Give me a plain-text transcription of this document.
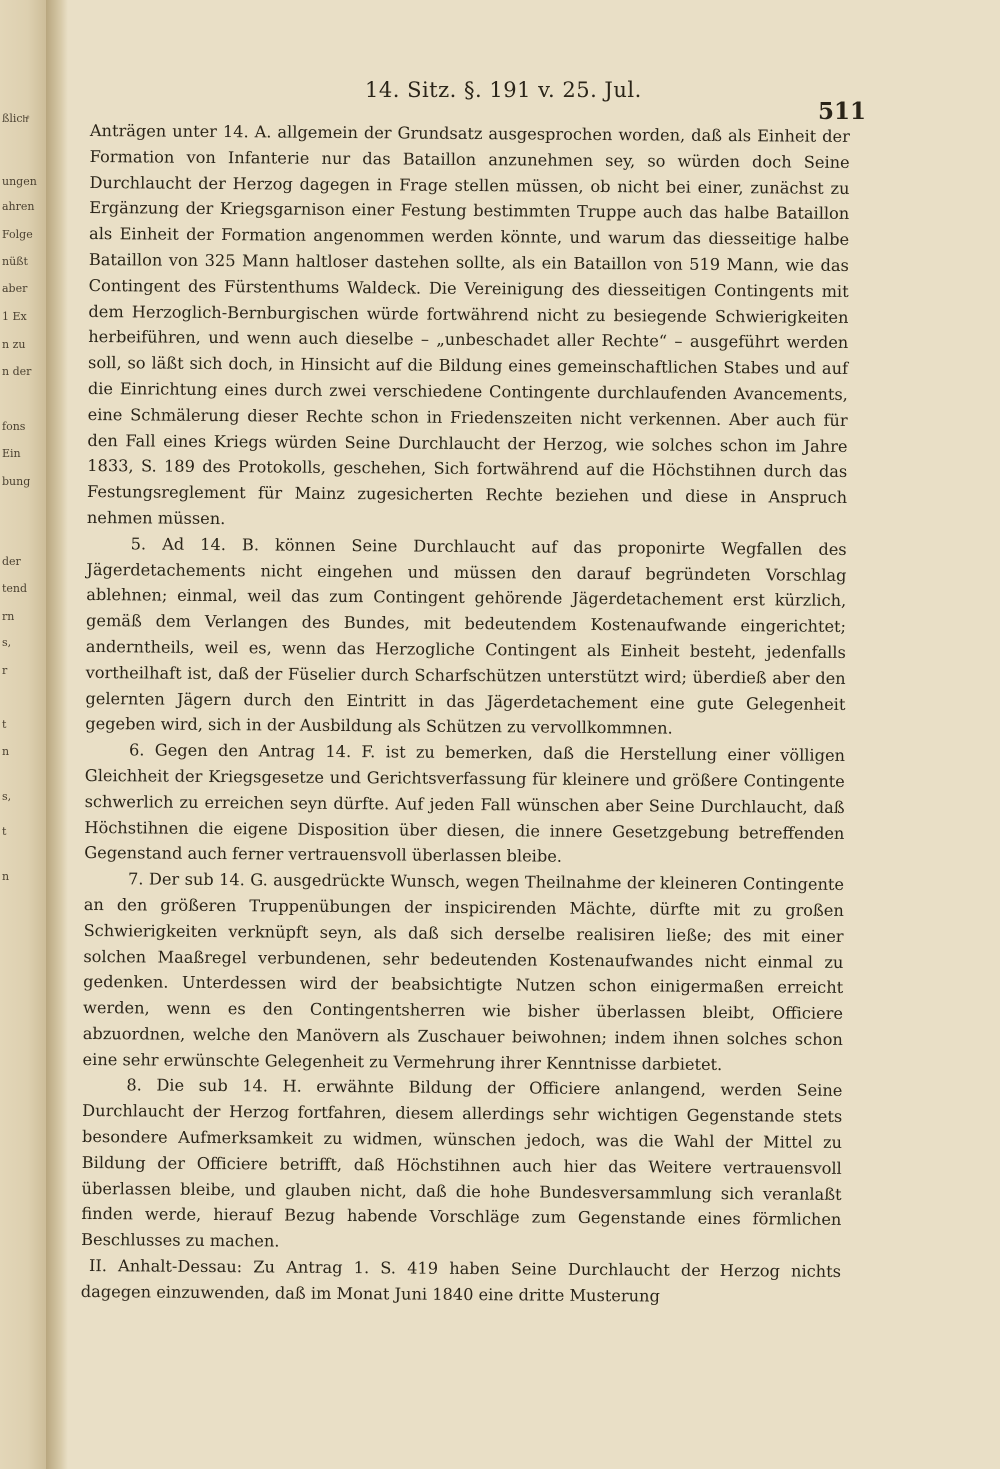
ßlichͤ
ungen
ahren
Folge
nüßt
aber
1 Ex
n zu
n der
fons
Ein
bung
der
tend
rn
s,
r
t
n
s,
t
n
14. Sitz. §. 191 v. 25. Jul.
511

Anträgen unter 14. A. allgemein der Grundsatz ausgesprochen worden, daß als Einheit der Formation von Infanterie nur das Bataillon anzunehmen sey, so würden doch Seine Durchlaucht der Herzog dagegen in Frage stellen müssen, ob nicht bei einer, zunächst zu Ergänzung der Kriegsgarnison einer Festung bestimmten Truppe auch das halbe Bataillon als Einheit der Formation angenommen werden könnte, und warum das diesseitige halbe Bataillon von 325 Mann haltloser dastehen sollte, als ein Bataillon von 519 Mann, wie das Contingent des Fürstenthums Waldeck. Die Vereinigung des diesseitigen Contingents mit dem Herzoglich-Bernburgischen würde fortwährend nicht zu besiegende Schwierigkeiten herbeiführen, und wenn auch dieselbe – „unbeschadet aller Rechte“ – ausgeführt werden soll, so läßt sich doch, in Hinsicht auf die Bildung eines gemeinschaftlichen Stabes und auf die Einrichtung eines durch zwei verschiedene Contingente durchlaufenden Avancements, eine Schmälerung dieser Rechte schon in Friedenszeiten nicht verkennen. Aber auch für den Fall eines Kriegs würden Seine Durchlaucht der Herzog, wie solches schon im Jahre 1833, S. 189 des Protokolls, geschehen, Sich fortwährend auf die Höchstihnen durch das Festungsreglement für Mainz zugesicherten Rechte beziehen und diese in Anspruch nehmen müssen.

5. Ad 14. B. können Seine Durchlaucht auf das proponirte Wegfallen des Jägerdetachements nicht eingehen und müssen den darauf begründeten Vorschlag ablehnen; einmal, weil das zum Contingent gehörende Jägerdetachement erst kürzlich, gemäß dem Verlangen des Bundes, mit bedeutendem Kostenaufwande eingerichtet; anderntheils, weil es, wenn das Herzogliche Contingent als Einheit besteht, jedenfalls vortheilhaft ist, daß der Füselier durch Scharfschützen unterstützt wird; überdieß aber den gelernten Jägern durch den Eintritt in das Jägerdetachement eine gute Gelegenheit gegeben wird, sich in der Ausbildung als Schützen zu vervollkommnen.

6. Gegen den Antrag 14. F. ist zu bemerken, daß die Herstellung einer völligen Gleichheit der Kriegsgesetze und Gerichtsverfassung für kleinere und größere Contingente schwerlich zu erreichen seyn dürfte. Auf jeden Fall wünschen aber Seine Durchlaucht, daß Höchstihnen die eigene Disposition über diesen, die innere Gesetzgebung betreffenden Gegenstand auch ferner vertrauensvoll überlassen bleibe.

7. Der sub 14. G. ausgedrückte Wunsch, wegen Theilnahme der kleineren Contingente an den größeren Truppenübungen der inspicirenden Mächte, dürfte mit zu großen Schwierigkeiten verknüpft seyn, als daß sich derselbe realisiren ließe; des mit einer solchen Maaßregel verbundenen, sehr bedeutenden Kostenaufwandes nicht einmal zu gedenken. Unterdessen wird der beabsichtigte Nutzen schon einigermaßen erreicht werden, wenn es den Contingentsherren wie bisher überlassen bleibt, Officiere abzuordnen, welche den Manövern als Zuschauer beiwohnen; indem ihnen solches schon eine sehr erwünschte Gelegenheit zu Vermehrung ihrer Kenntnisse darbietet.

8. Die sub 14. H. erwähnte Bildung der Officiere anlangend, werden Seine Durchlaucht der Herzog fortfahren, diesem allerdings sehr wichtigen Gegenstande stets besondere Aufmerksamkeit zu widmen, wünschen jedoch, was die Wahl der Mittel zu Bildung der Officiere betrifft, daß Höchstihnen auch hier das Weitere vertrauensvoll überlassen bleibe, und glauben nicht, daß die hohe Bundesversammlung sich veranlaßt finden werde, hierauf Bezug habende Vorschläge zum Gegenstande eines förmlichen Beschlusses zu machen.

II. Anhalt-Dessau: Zu Antrag 1. S. 419 haben Seine Durchlaucht der Herzog nichts dagegen einzuwenden, daß im Monat Juni 1840 eine dritte Musterung
